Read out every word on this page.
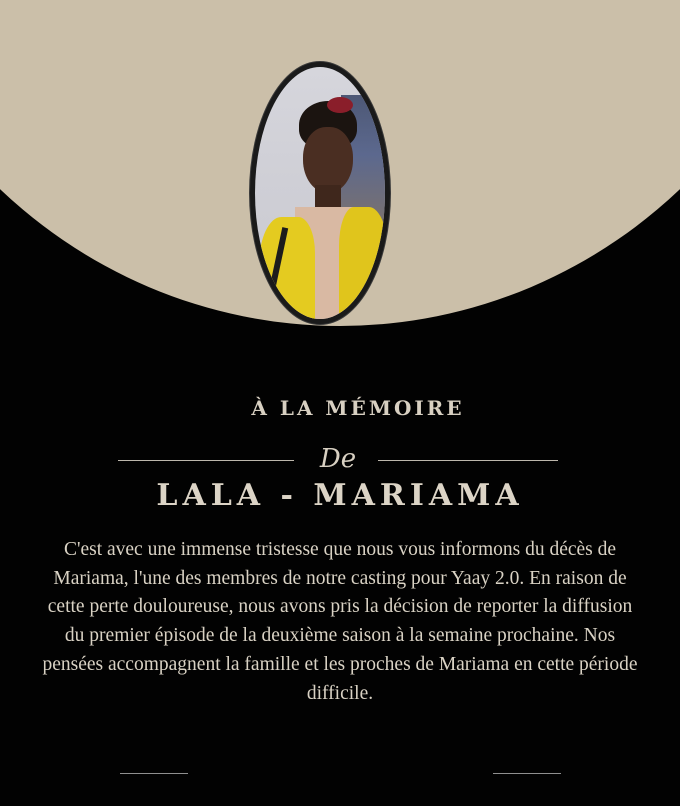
À LA MÉMOIRE
De
LALA - MARIAMA
C'est avec une immense tristesse que nous vous informons du décès de Mariama, l'une des membres de notre casting pour Yaay 2.0. En raison de cette perte douloureuse, nous avons pris la décision de reporter la diffusion du premier épisode de la deuxième saison à la semaine prochaine. Nos pensées accompagnent la famille et les proches de Mariama en cette période difficile.
